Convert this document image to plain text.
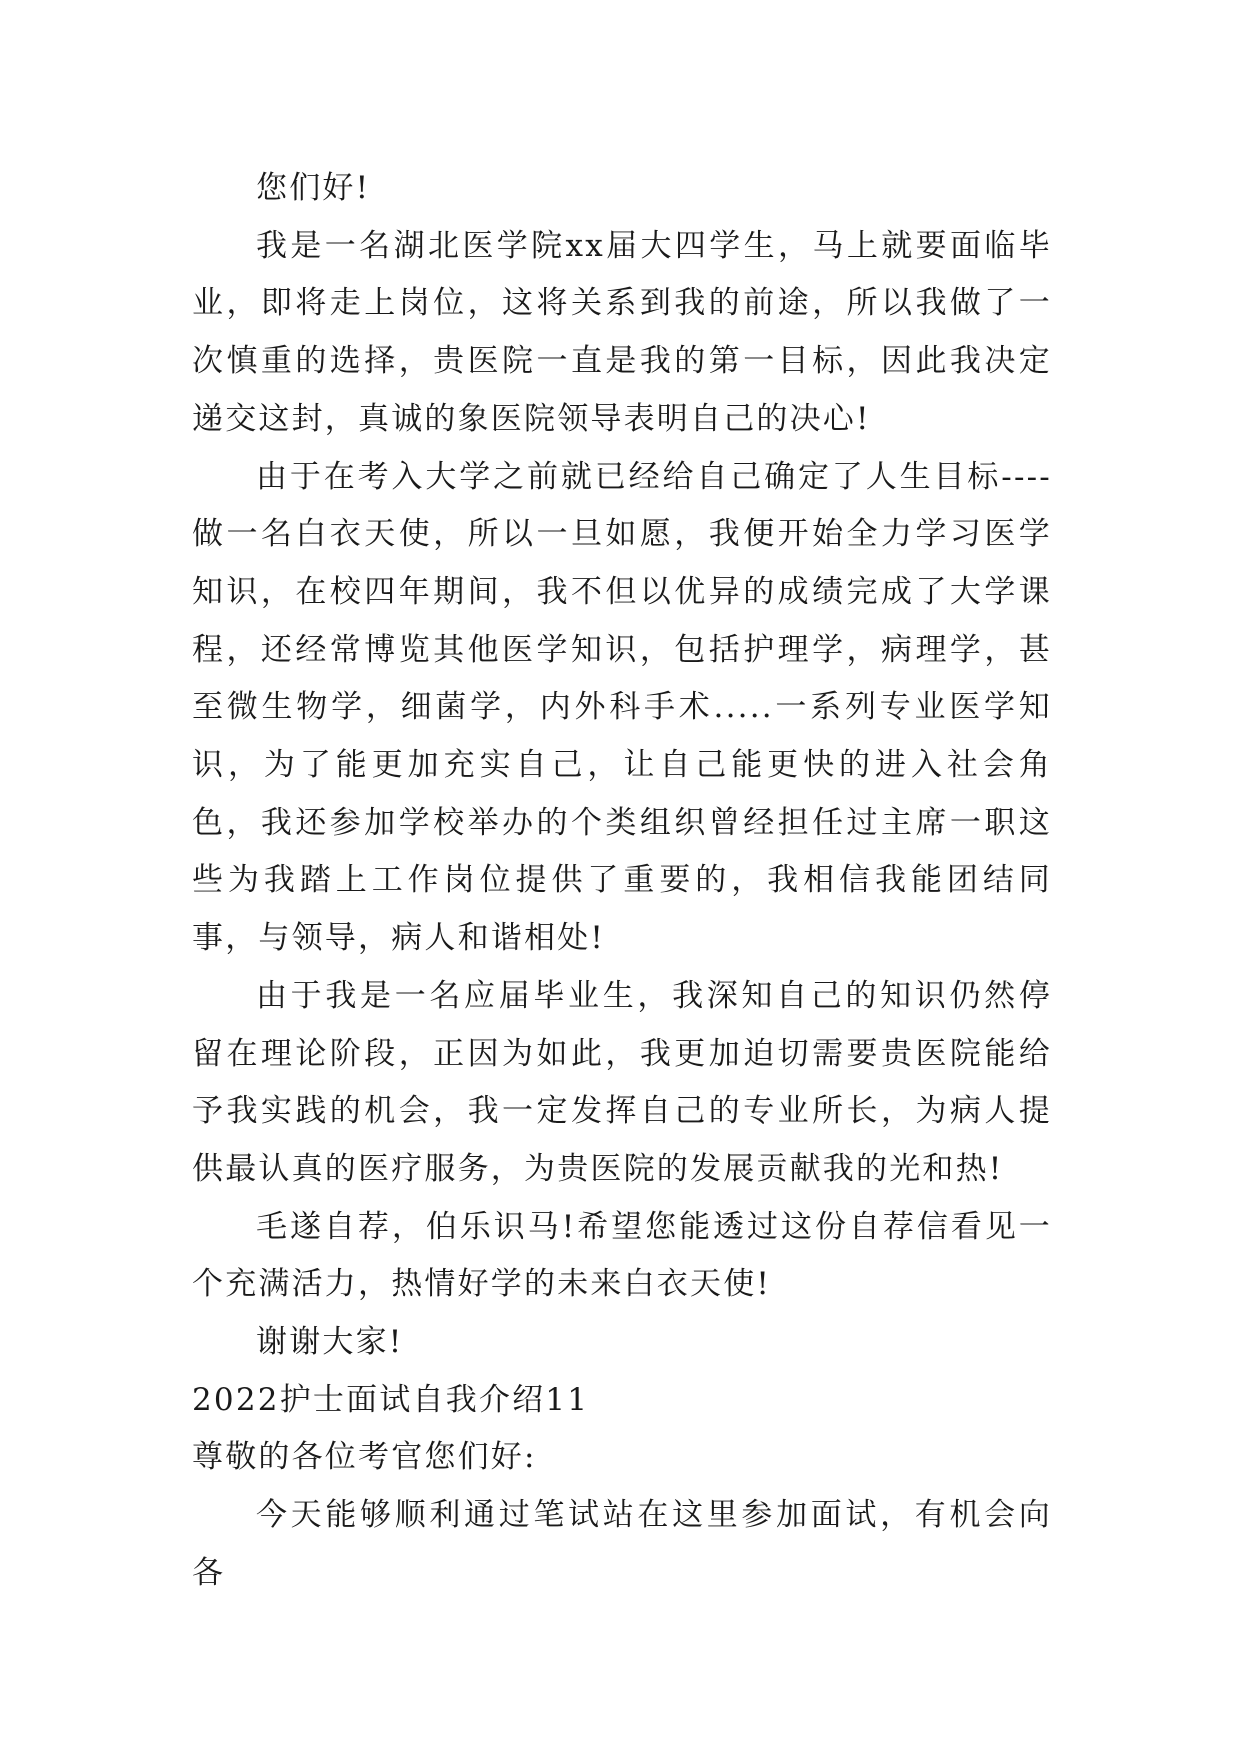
您们好!

我是一名湖北医学院xx届大四学生，马上就要面临毕业，即将走上岗位，这将关系到我的前途，所以我做了一次慎重的选择，贵医院一直是我的第一目标，因此我决定递交这封，真诚的象医院领导表明自己的决心!

由于在考入大学之前就已经给自己确定了人生目标----做一名白衣天使，所以一旦如愿，我便开始全力学习医学知识，在校四年期间，我不但以优异的成绩完成了大学课程，还经常博览其他医学知识，包括护理学，病理学，甚至微生物学，细菌学，内外科手术.....一系列专业医学知识，为了能更加充实自己，让自己能更快的进入社会角色，我还参加学校举办的个类组织曾经担任过主席一职这些为我踏上工作岗位提供了重要的，我相信我能团结同事，与领导，病人和谐相处!

由于我是一名应届毕业生，我深知自己的知识仍然停留在理论阶段，正因为如此，我更加迫切需要贵医院能给予我实践的机会，我一定发挥自己的专业所长，为病人提供最认真的医疗服务，为贵医院的发展贡献我的光和热!

毛遂自荐，伯乐识马!希望您能透过这份自荐信看见一个充满活力，热情好学的未来白衣天使!

谢谢大家!

2022护士面试自我介绍11

尊敬的各位考官您们好:

今天能够顺利通过笔试站在这里参加面试，有机会向各
